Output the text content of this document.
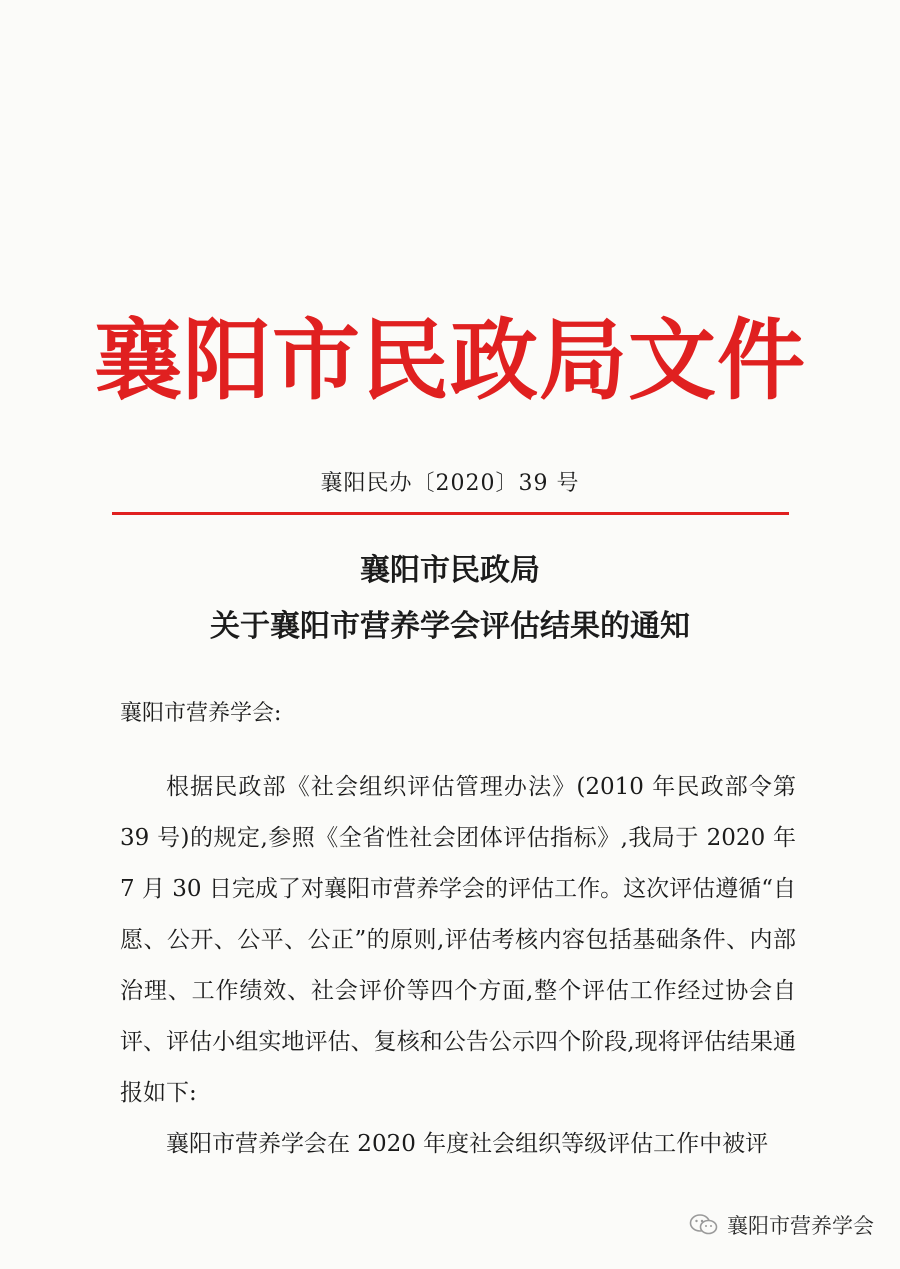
襄阳市民政局文件
襄阳民办〔2020〕39 号
襄阳市民政局
关于襄阳市营养学会评估结果的通知
襄阳市营养学会:

根据民政部《社会组织评估管理办法》(2010 年民政部令第 39 号)的规定,参照《全省性社会团体评估指标》,我局于 2020 年 7 月 30 日完成了对襄阳市营养学会的评估工作。这次评估遵循“自愿、公开、公平、公正”的原则,评估考核内容包括基础条件、内部治理、工作绩效、社会评价等四个方面,整个评估工作经过协会自评、评估小组实地评估、复核和公告公示四个阶段,现将评估结果通报如下:

襄阳市营养学会在 2020 年度社会组织等级评估工作中被评

襄阳市营养学会
